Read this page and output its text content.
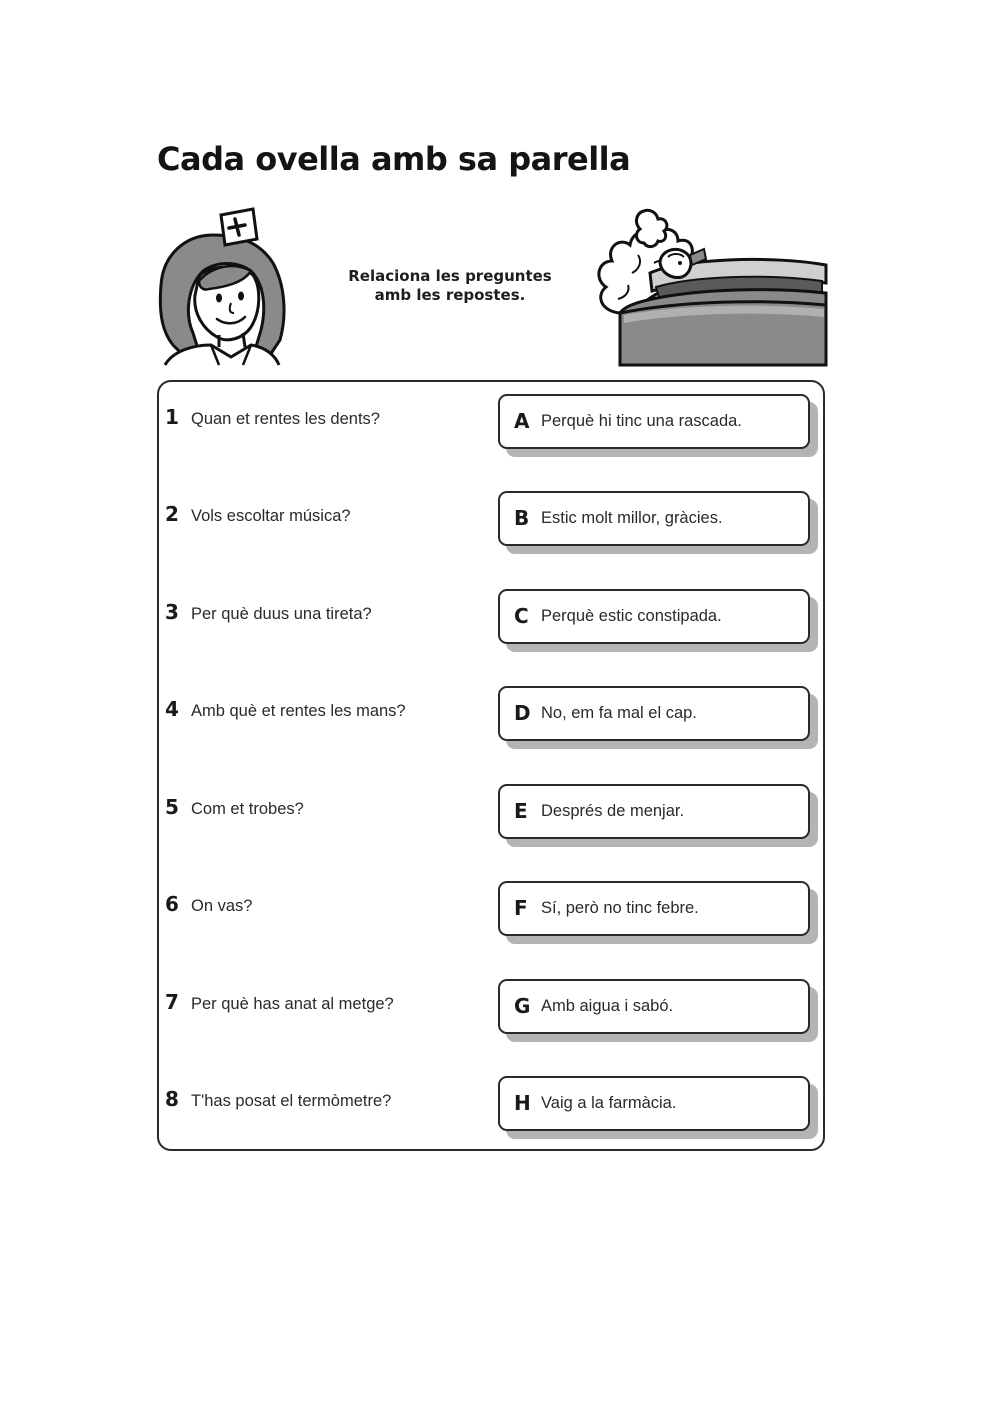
Cada ovella amb sa parella
Relaciona les preguntes
amb les repostes.
1 Quan et rentes les dents?	A Perquè hi tinc una rascada.
2 Vols escoltar música?	B Estic molt millor, gràcies.
3 Per què duus una tireta?	C Perquè estic constipada.
4 Amb què et rentes les mans?	D No, em fa mal el cap.
5 Com et trobes?	E Després de menjar.
6 On vas?	F Sí, però no tinc febre.
7 Per què has anat al metge?	G Amb aigua i sabó.
8 T'has posat el termòmetre?	H Vaig a la farmàcia.
